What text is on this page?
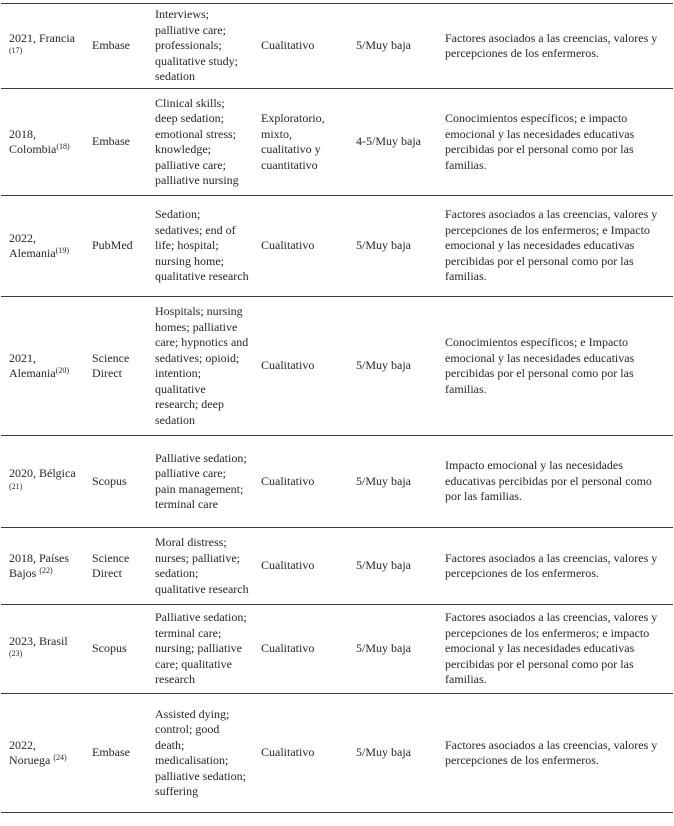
2021, Francia $^{(17)}$	Embase	Interviews; palliative care; professionals; qualitative study; sedation	Cualitativo	5/Muy baja	Factores asociados a las creencias, valores y percepciones de los enfermeros.
2018, Colombia$^{(18)}$	Embase	Clinical skills; deep sedation; emotional stress; knowledge; palliative care; palliative nursing	Exploratorio, mixto, cualitativo y cuantitativo	4-5/Muy baja	Conocimientos específicos; e impacto emocional y las necesidades educativas percibidas por el personal como por las familias.
2022, Alemania$^{(19)}$	PubMed	Sedation; sedatives; end of life; hospital; nursing home; qualitative research	Cualitativo	5/Muy baja	Factores asociados a las creencias, valores y percepciones de los enfermeros; e Impacto emocional y las necesidades educativas percibidas por el personal como por las familias.
2021, Alemania$^{(20)}$	Science Direct	Hospitals; nursing homes; palliative care; hypnotics and sedatives; opioid; intention; qualitative research; deep sedation	Cualitativo	5/Muy baja	Conocimientos específicos; e Impacto emocional y las necesidades educativas percibidas por el personal como por las familias.
2020, Bélgica $^{(21)}$	Scopus	Palliative sedation; palliative care; pain management; terminal care	Cualitativo	5/Muy baja	Impacto emocional y las necesidades educativas percibidas por el personal como por las familias.
2018, Países Bajos $^{(22)}$	Science Direct	Moral distress; nurses; palliative; sedation; qualitative research	Cualitativo	5/Muy baja	Factores asociados a las creencias, valores y percepciones de los enfermeros.
2023, Brasil $^{(23)}$	Scopus	Palliative sedation; terminal care; nursing; palliative care; qualitative research	Cualitativo	5/Muy baja	Factores asociados a las creencias, valores y percepciones de los enfermeros; e impacto emocional y las necesidades educativas percibidas por el personal como por las familias.
2022, Noruega $^{(24)}$	Embase	Assisted dying; control; good death; medicalisation; palliative sedation; suffering	Cualitativo	5/Muy baja	Factores asociados a las creencias, valores y percepciones de los enfermeros.
